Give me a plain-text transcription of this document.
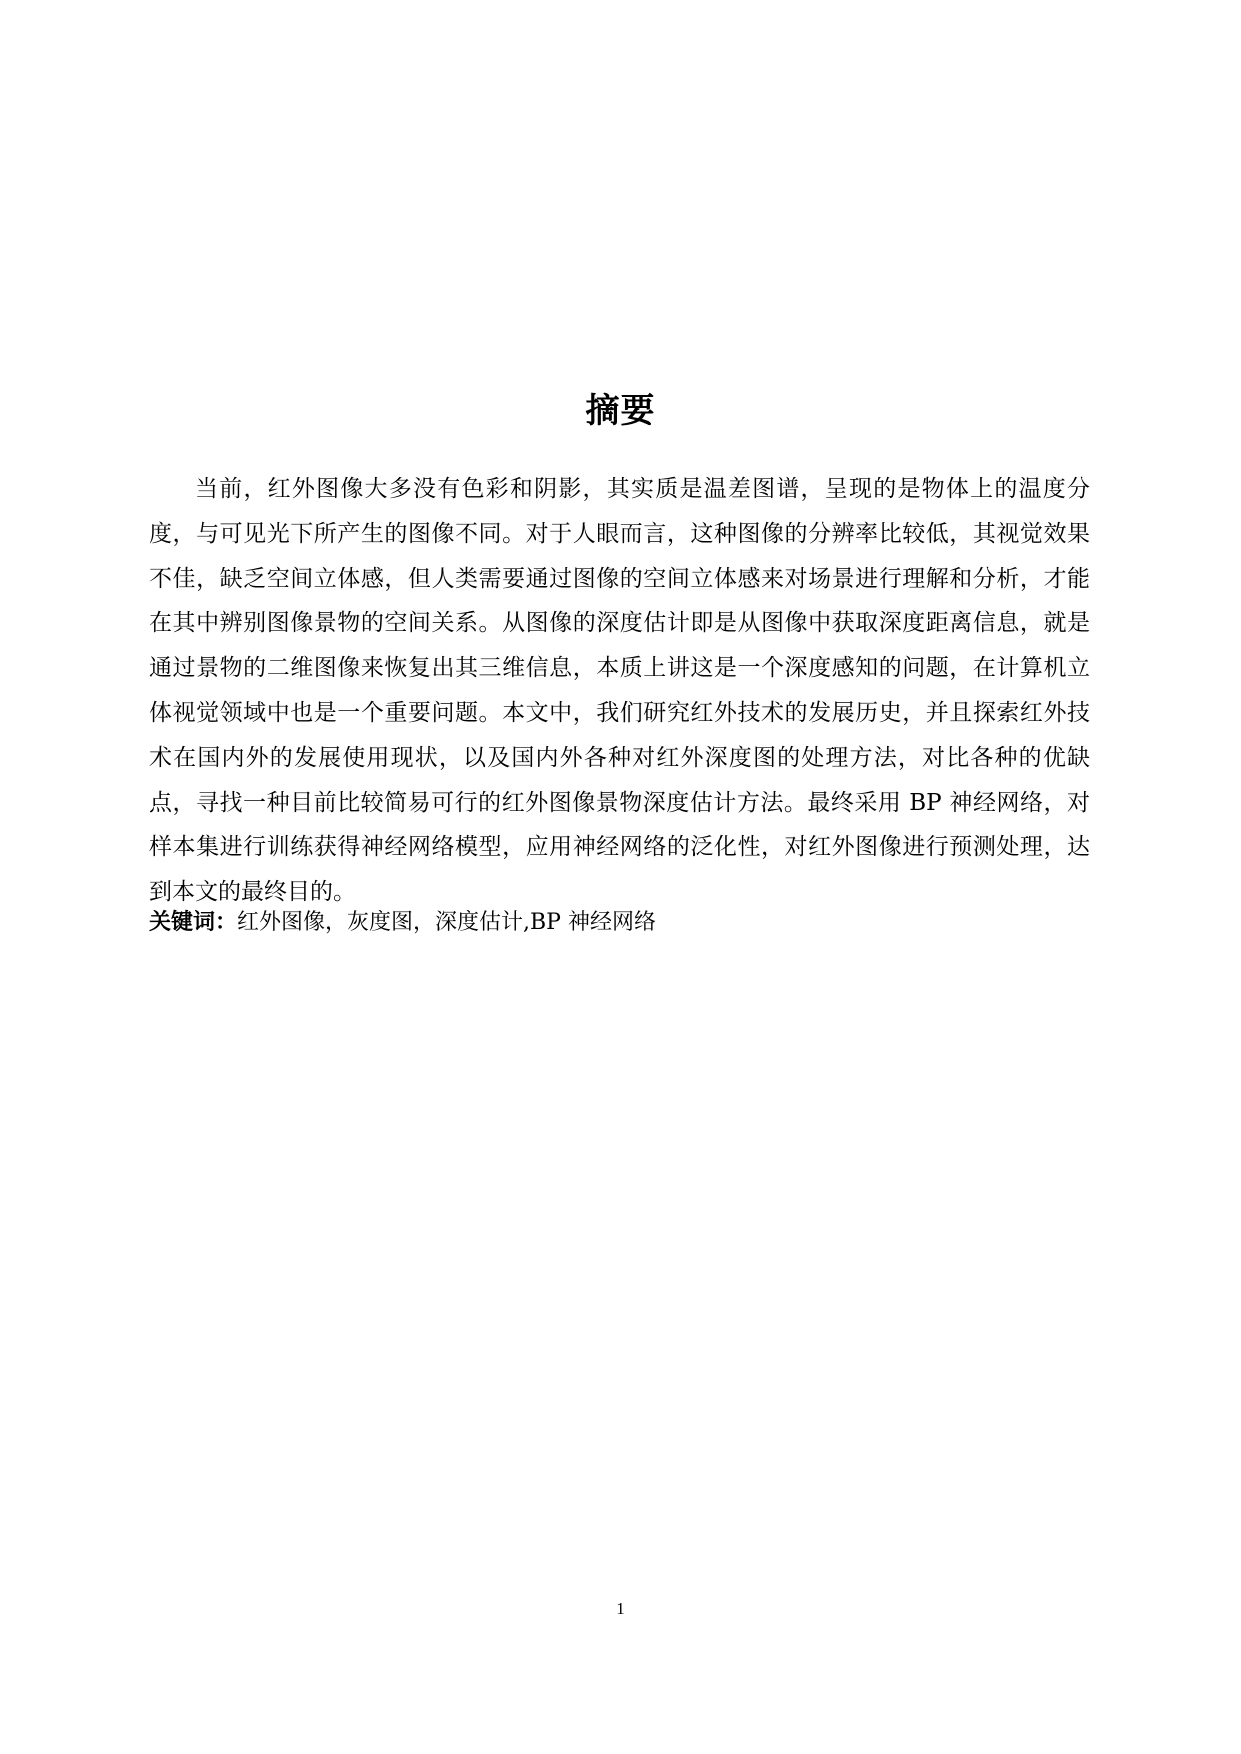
摘要

当前，红外图像大多没有色彩和阴影，其实质是温差图谱，呈现的是物体上的温度分度，与可见光下所产生的图像不同。对于人眼而言，这种图像的分辨率比较低，其视觉效果不佳，缺乏空间立体感，但人类需要通过图像的空间立体感来对场景进行理解和分析，才能在其中辨别图像景物的空间关系。从图像的深度估计即是从图像中获取深度距离信息，就是通过景物的二维图像来恢复出其三维信息，本质上讲这是一个深度感知的问题，在计算机立体视觉领域中也是一个重要问题。本文中，我们研究红外技术的发展历史，并且探索红外技术在国内外的发展使用现状，以及国内外各种对红外深度图的处理方法，对比各种的优缺点，寻找一种目前比较简易可行的红外图像景物深度估计方法。最终采用 BP 神经网络，对样本集进行训练获得神经网络模型，应用神经网络的泛化性，对红外图像进行预测处理，达到本文的最终目的。

关键词：红外图像，灰度图，深度估计,BP 神经网络

1
